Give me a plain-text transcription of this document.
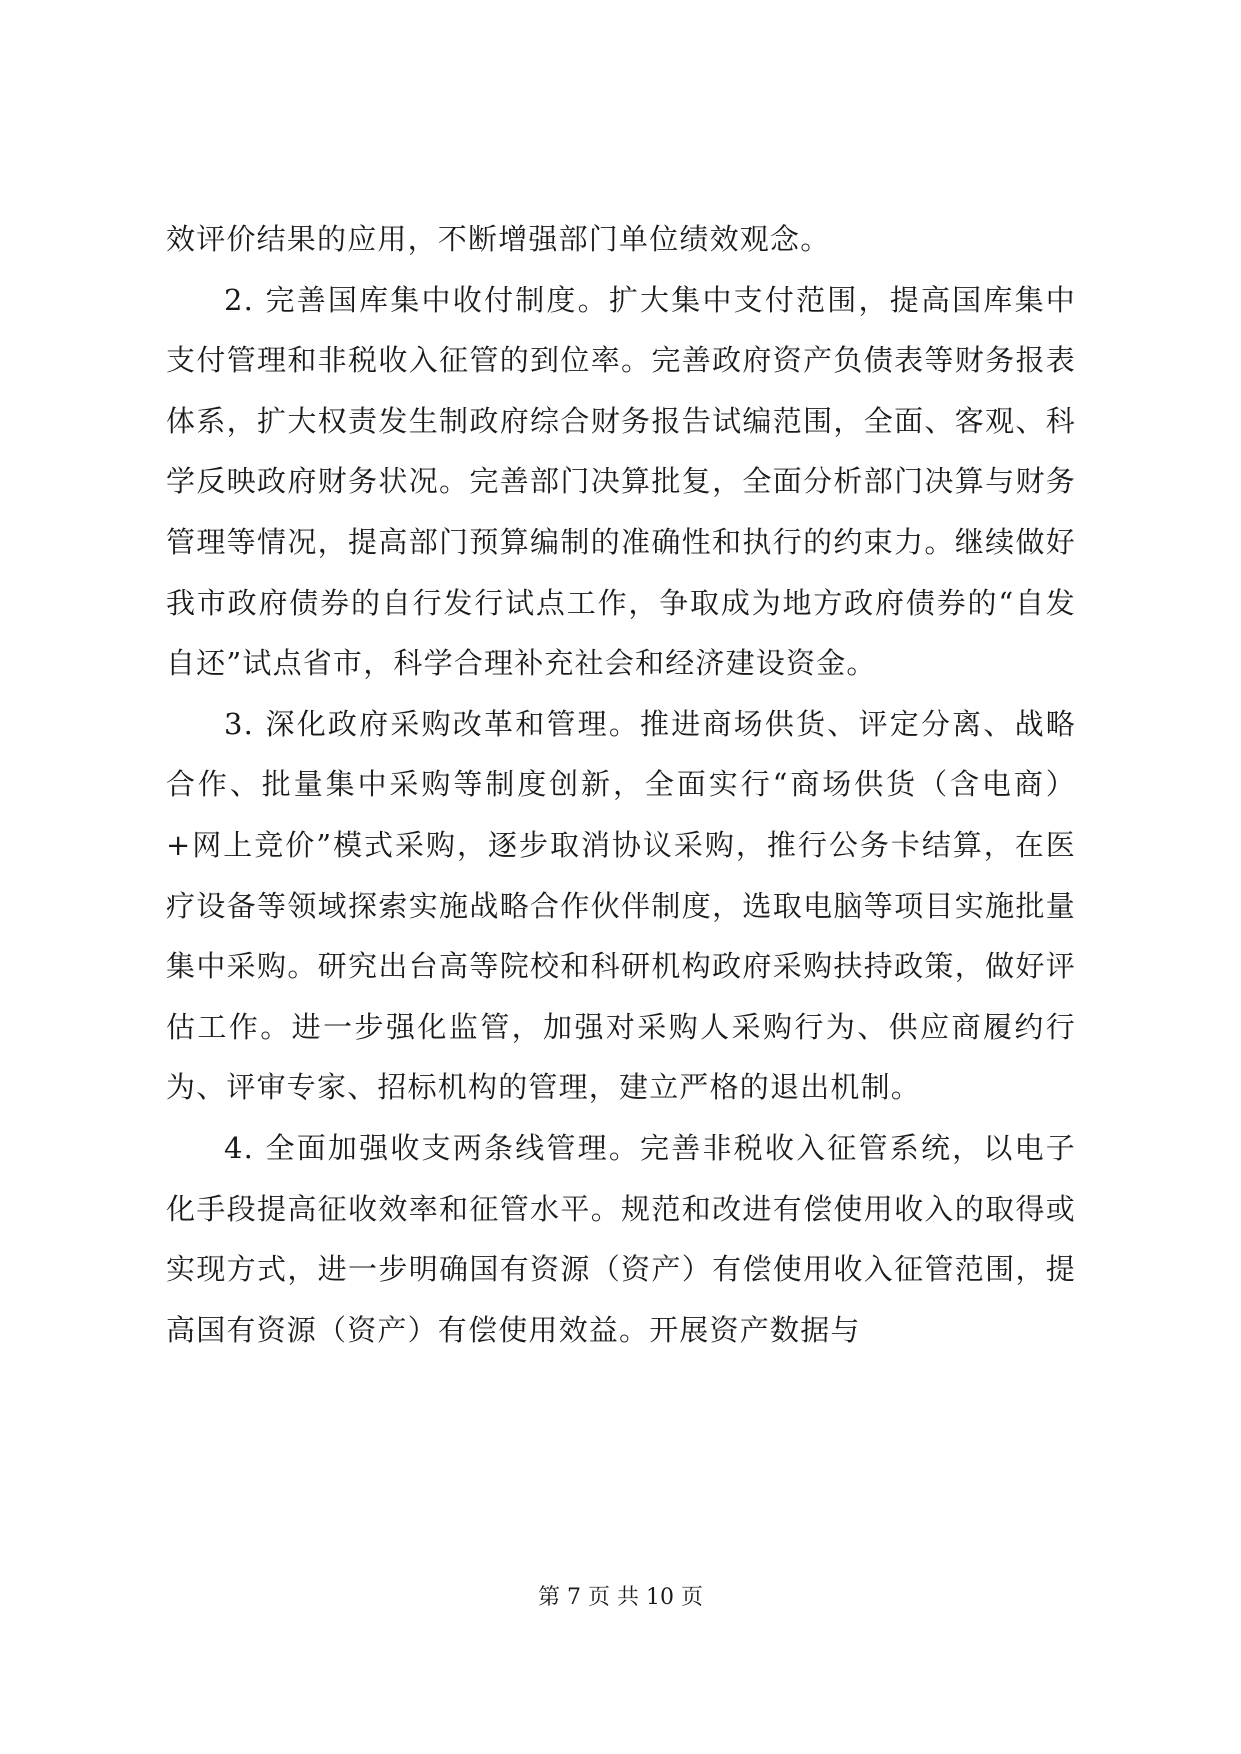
效评价结果的应用，不断增强部门单位绩效观念。

2. 完善国库集中收付制度。扩大集中支付范围，提高国库集中支付管理和非税收入征管的到位率。完善政府资产负债表等财务报表体系，扩大权责发生制政府综合财务报告试编范围，全面、客观、科学反映政府财务状况。完善部门决算批复，全面分析部门决算与财务管理等情况，提高部门预算编制的准确性和执行的约束力。继续做好我市政府债券的自行发行试点工作，争取成为地方政府债券的“自发自还”试点省市，科学合理补充社会和经济建设资金。

3. 深化政府采购改革和管理。推进商场供货、评定分离、战略合作、批量集中采购等制度创新，全面实行“商场供货（含电商）+网上竞价”模式采购，逐步取消协议采购，推行公务卡结算，在医疗设备等领域探索实施战略合作伙伴制度，选取电脑等项目实施批量集中采购。研究出台高等院校和科研机构政府采购扶持政策，做好评估工作。进一步强化监管，加强对采购人采购行为、供应商履约行为、评审专家、招标机构的管理，建立严格的退出机制。

4. 全面加强收支两条线管理。完善非税收入征管系统，以电子化手段提高征收效率和征管水平。规范和改进有偿使用收入的取得或实现方式，进一步明确国有资源（资产）有偿使用收入征管范围，提高国有资源（资产）有偿使用效益。开展资产数据与

第 7 页 共 10 页
